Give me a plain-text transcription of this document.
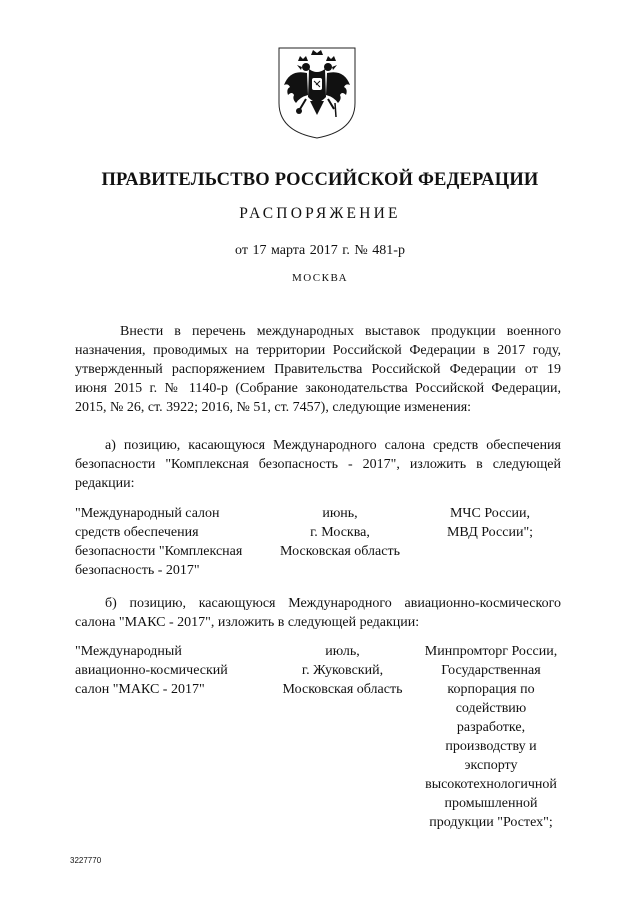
ПРАВИТЕЛЬСТВО РОССИЙСКОЙ ФЕДЕРАЦИИ
РАСПОРЯЖЕНИЕ
от 17 марта 2017 г. № 481-р
МОСКВА
Внести в перечень международных выставок продукции военного назначения, проводимых на территории Российской Федерации в 2017 году, утвержденный распоряжением Правительства Российской Федерации от 19 июня 2015 г. № 1140-р (Собрание законодательства Российской Федерации, 2015, № 26, ст. 3922; 2016, № 51, ст. 7457), следующие изменения:
а) позицию, касающуюся Международного салона средств обеспечения безопасности "Комплексная безопасность - 2017", изложить в следующей редакции:
"Международный салон
средств обеспечения
безопасности "Комплексная
безопасность - 2017"
июнь,
г. Москва,
Московская область
МЧС России,
МВД России";
б) позицию, касающуюся Международного авиационно-космического салона "МАКС - 2017", изложить в следующей редакции:
"Международный
авиационно-космический
салон "МАКС - 2017"
июль,
г. Жуковский,
Московская область
Минпромторг России,
Государственная
корпорация по
содействию
разработке,
производству и
экспорту
высокотехнологичной
промышленной
продукции "Ростех";
3227770
